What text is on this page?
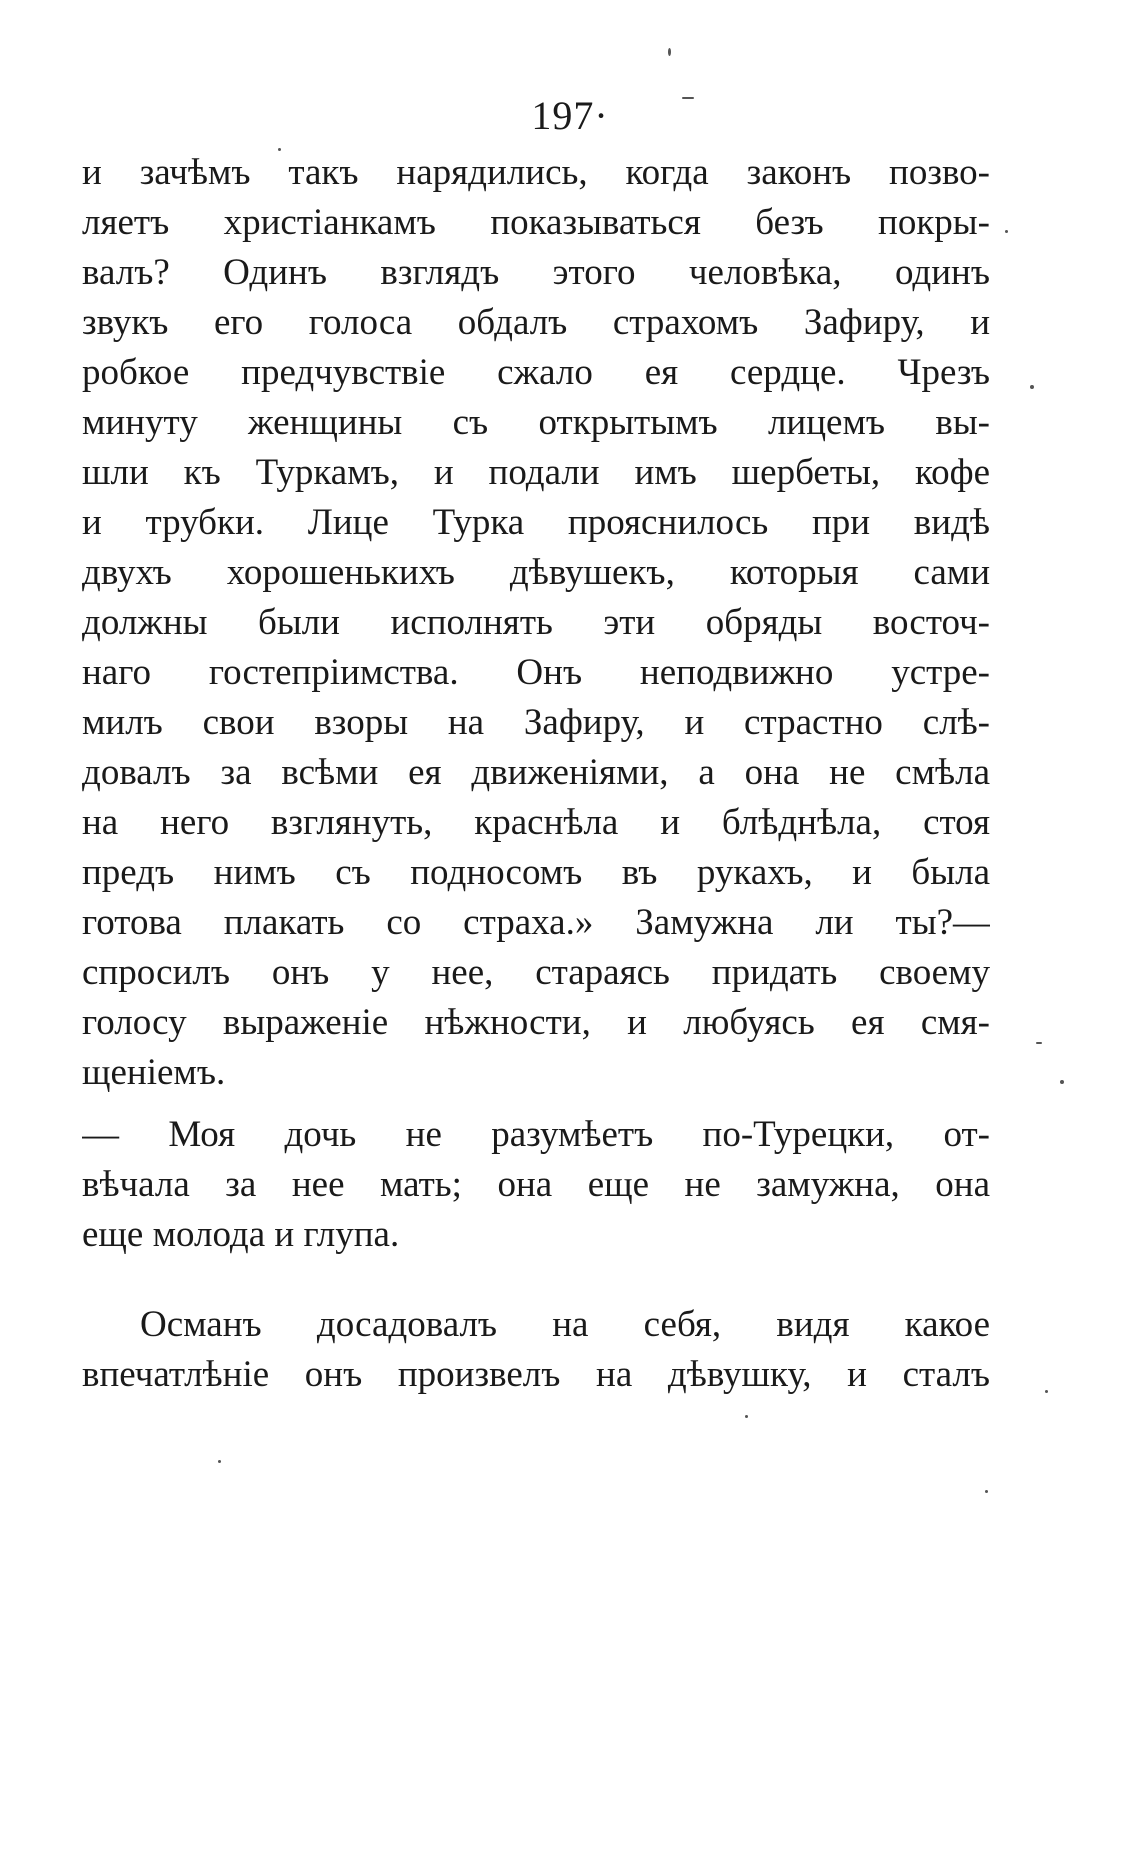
197·
и зачѣмъ такъ нарядились, когда законъ позво-
ляетъ христіанкамъ показываться безъ покры-
валъ? Одинъ взглядъ этого человѣка, одинъ
звукъ его голоса обдалъ страхомъ Зафиру, и
робкое предчувствіе сжало ея сердце. Чрезъ
минуту женщины съ открытымъ лицемъ вы-
шли къ Туркамъ, и подали имъ шербеты, кофе
и трубки. Лице Турка прояснилось при видѣ
двухъ хорошенькихъ дѣвушекъ, которыя сами
должны были исполнять эти обряды восточ-
наго гостепріимства. Онъ неподвижно устре-
милъ свои взоры на Зафиру, и страстно слѣ-
довалъ за всѣми ея движеніями, а она не смѣла
на него взглянуть, краснѣла и блѣднѣла, стоя
предъ нимъ съ подносомъ въ рукахъ, и была
готова плакать со страха.» Замужна ли ты?—
спросилъ онъ у нее, стараясь придать своему
голосу выраженіе нѣжности, и любуясь ея смя-
щеніемъ.
— Моя дочь не разумѣетъ по-Турецки, от-
вѣчала за нее мать; она еще не замужна, она
еще молода и глупа.
Османъ досадовалъ на себя, видя какое
впечатлѣніе онъ произвелъ на дѣвушку, и сталъ
